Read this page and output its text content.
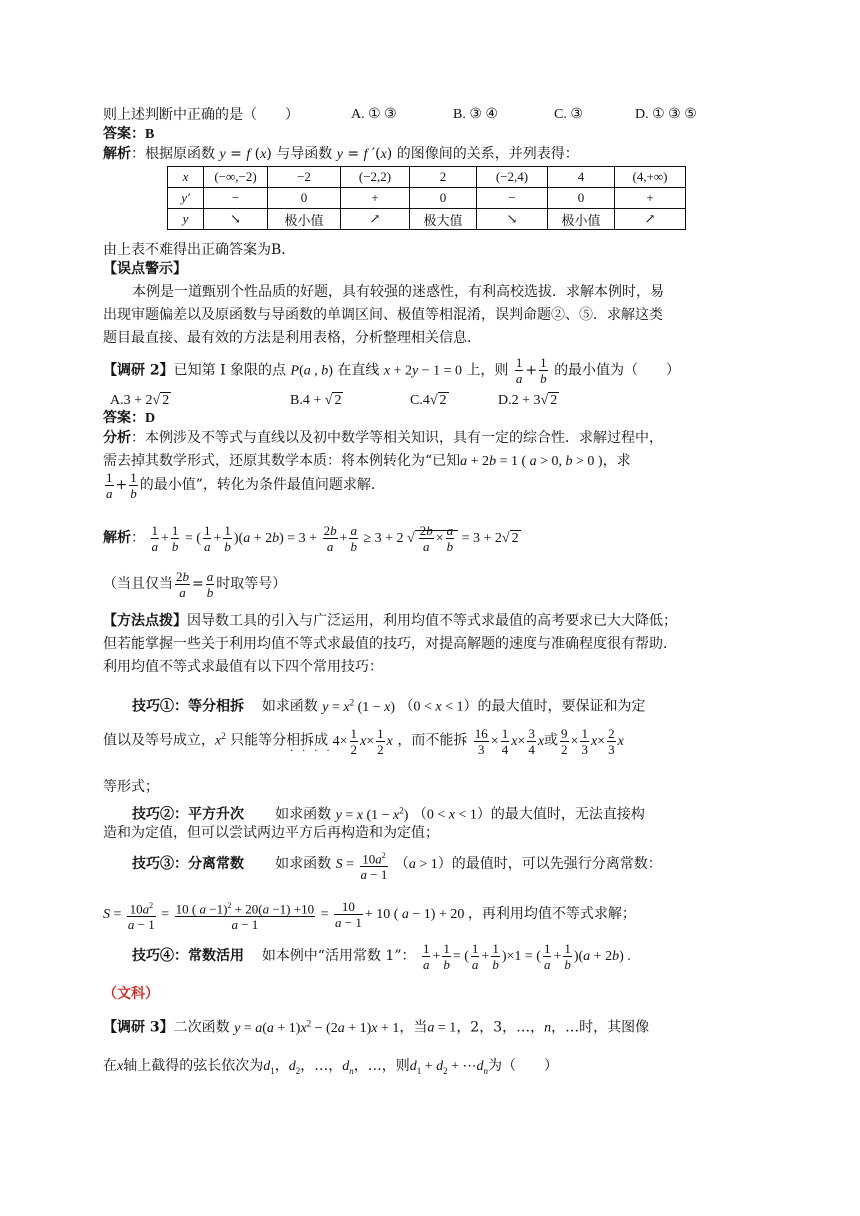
则上述判断中正确的是（　　）	A. ① ③	B. ③ ④	C. ③	D. ① ③ ⑤
答案：B
解析：根据原函数 y = f (x) 与导函数 y = f ′(x) 的图像间的关系，并列表得：
x	(−∞,−2)	−2	(−2,2)	2	(−2,4)	4	(4,+∞)
y′	−	0	+	0	−	0	+
y	↘	极小值	↗	极大值	↘	极小值	↗
由上表不难得出正确答案为B．
【误点警示】
本例是一道甄别个性品质的好题，具有较强的迷惑性，有利高校选拔．求解本例时，易
出现审题偏差以及原函数与导函数的单调区间、极值等相混淆，误判命题②、⑤．求解这类
题目最直接、最有效的方法是利用表格，分析整理相关信息．
【调研 2】已知第 I 象限的点 P(a , b) 在直线 x + 2y − 1 = 0 上，则 $\frac{1}{a} + \frac{1}{b}$ 的最小值为（　　）
A.3 + 2√ 2	B.4 + √ 2	C.4√ 2	D.2 + 3√ 2
答案：D
分析：本例涉及不等式与直线以及初中数学等相关知识，具有一定的综合性．求解过程中，
需去掉其数学形式，还原其数学本质：将本例转化为“已知a + 2b = 1 ( a > 0, b > 0 )，求
$\frac{1}{a} + \frac{1}{b}$ 的最小值”，转化为条件最值问题求解．
解析： $\frac{1}{a} + \frac{1}{b}$ = ( $\frac{1}{a} + \frac{1}{b} )(a + 2b) = 3 + \frac{2b}{a} + \frac{a}{b} \ge 3 + 2$ √ $\frac{2b}{a} \times \frac{a}{b} = 3 + 2√$ 2
（当且仅当 $\frac{2b}{a} = \frac{a}{b}$ 时取等号）
【方法点拨】因导数工具的引入与广泛运用，利用均值不等式求最值的高考要求已大大降低；
但若能掌握一些关于利用均值不等式求最值的技巧，对提高解题的速度与准确程度很有帮助．
利用均值不等式求最值有以下四个常用技巧：
技巧①：等分相拆 如求函数 $y = x^2$ (1 − x) （0 < x < 1）的最大值时，要保证和为定
值以及等号成立，$x^2$ 只能等分相拆成 $4\times \frac{1}{2} x\times \frac{1}{2}$ x ，而不能拆 $\frac{16}{3} \times \frac{1}{4} x\times \frac{3}{4}$ x或 $\frac{9}{2} \times \frac{1}{3} x\times \frac{2}{3}$ x
····
等形式；
技巧②：平方升次 如求函数 y = x $(1 - x^2)$ （0 < x < 1）的最大值时，无法直接构
造和为定值，但可以尝试两边平方后再构造和为定值；
技巧③：分离常数 如求函数 $S = \frac{10a^2}{a - 1} (a > 1)$的最值时，可以先强行分离常数：
$S = \frac{10a^2}{a - 1} = \frac{10 ( a -1)^2 + 20(a -1) +10}{a - 1} = \frac{10}{a - 1} + 10$ ( a − 1) + 20 ，再利用均值不等式求解；
技巧④：常数活用 如本例中“活用常数 1”： $\frac{1}{a} + \frac{1}{b}$ = ( $\frac{1}{a} + \frac{1}{b} )\times 1$ = ( $\frac{1}{a} + \frac{1}{b} )(a + 2b)$ .
（文科）
【调研 3】二次函数 $y = a(a + 1)x^2 - (2a + 1)x + 1$，当a = 1，2，3，…，n，…时，其图像
在x轴上截得的弦长依次为$d_1$，$d_2$，…，$d_n$，…，则$d_1 + d_2$ + $\cdots d_n$为（　　）
